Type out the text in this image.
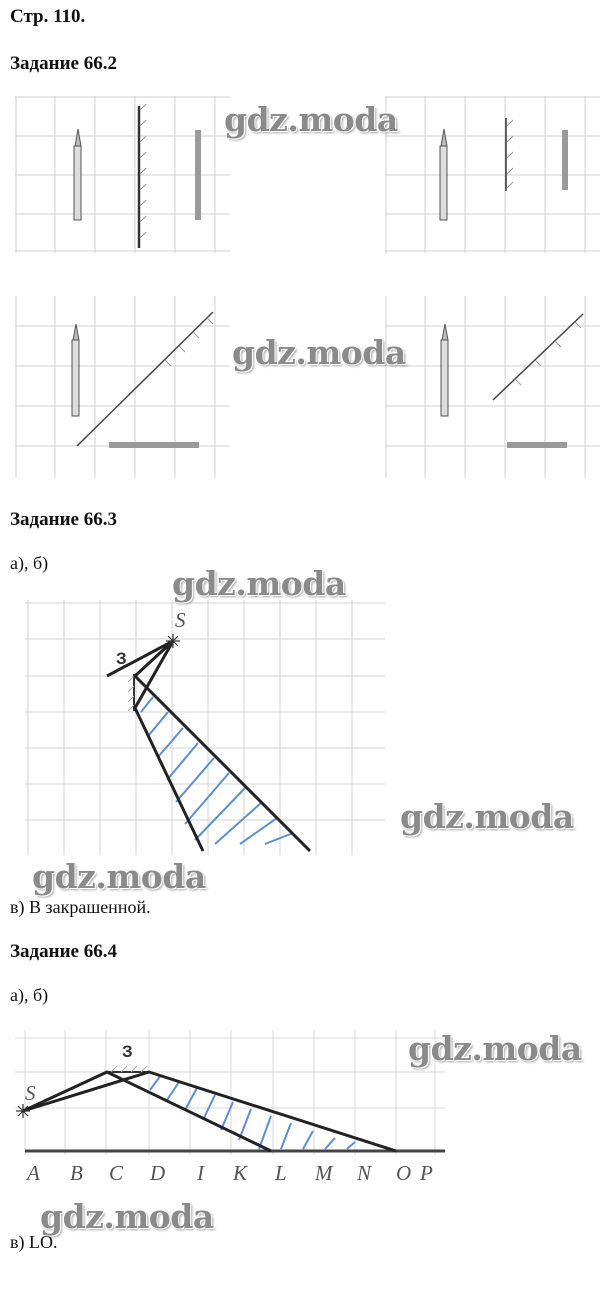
Стр. 110.
Задание 66.2
Задание 66.3
а), б)
S
З
в) В закрашенной.
Задание 66.4
а), б)
S
З
A B C D I K L M N O P
в) LO.
gdz.moda
gdz.moda
gdz.moda
gdz.moda
gdz.moda
gdz.moda
gdz.moda
